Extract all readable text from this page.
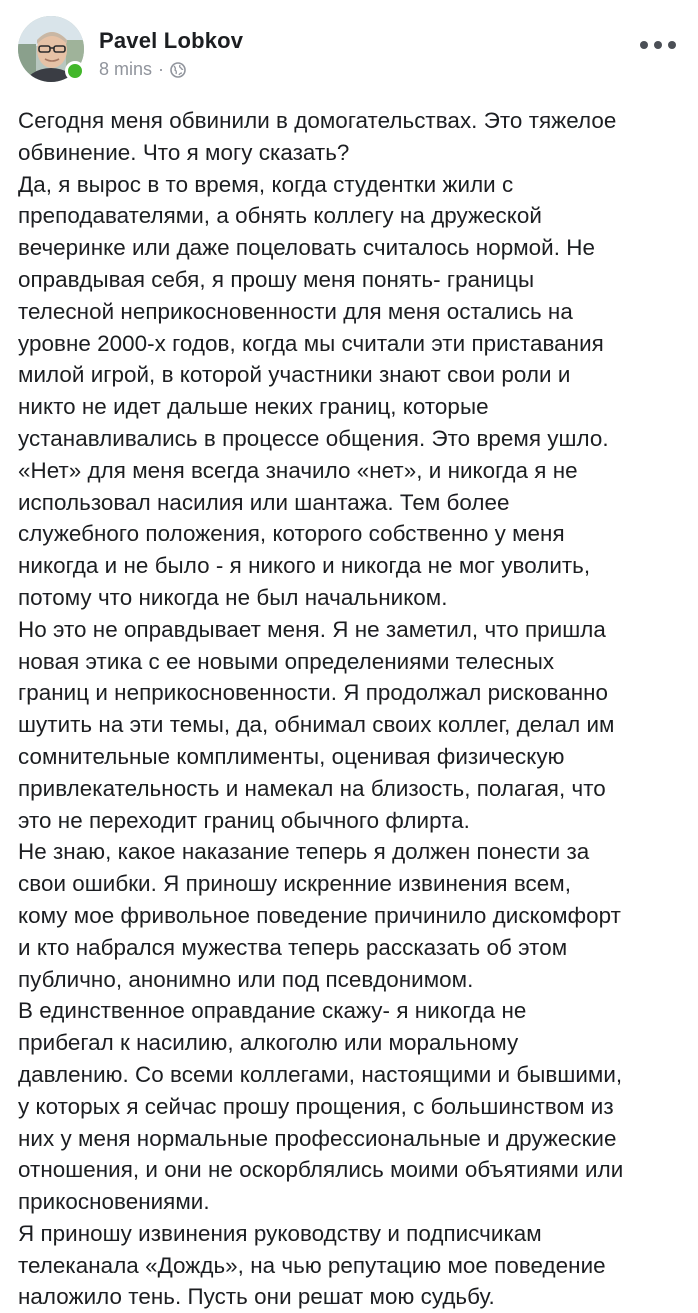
Pavel Lobkov
8 mins ·
Сегодня меня обвинили в домогательствах. Это тяжелое
обвинение. Что я могу сказать?
Да, я вырос в то время, когда студентки жили с
преподавателями, а обнять коллегу на дружеской
вечеринке или даже поцеловать считалось нормой. Не
оправдывая себя, я прошу меня понять- границы
телесной неприкосновенности для меня остались на
уровне 2000-х годов, когда мы считали эти приставания
милой игрой, в которой участники знают свои роли и
никто не идет дальше неких границ, которые
устанавливались в процессе общения. Это время ушло.
«Нет» для меня всегда значило «нет», и никогда я не
использовал насилия или шантажа. Тем более
служебного положения, которого собственно у меня
никогда и не было - я никого и никогда не мог уволить,
потому что никогда не был начальником.
Но это не оправдывает меня. Я не заметил, что пришла
новая этика с ее новыми определениями телесных
границ и неприкосновенности. Я продолжал рискованно
шутить на эти темы, да, обнимал своих коллег, делал им
сомнительные комплименты, оценивая физическую
привлекательность и намекал на близость, полагая, что
это не переходит границ обычного флирта.
Не знаю, какое наказание теперь я должен понести за
свои ошибки. Я приношу искренние извинения всем,
кому мое фривольное поведение причинило дискомфорт
и кто набрался мужества теперь рассказать об этом
публично, анонимно или под псевдонимом.
В единственное оправдание скажу- я никогда не
прибегал к насилию, алкоголю или моральному
давлению. Со всеми коллегами, настоящими и бывшими,
у которых я сейчас прошу прощения, с большинством из
них у меня нормальные профессиональные и дружеские
отношения, и они не оскорблялись моими объятиями или
прикосновениями.
Я приношу извинения руководству и подписчикам
телеканала «Дождь», на чью репутацию мое поведение
наложило тень. Пусть они решат мою судьбу.
